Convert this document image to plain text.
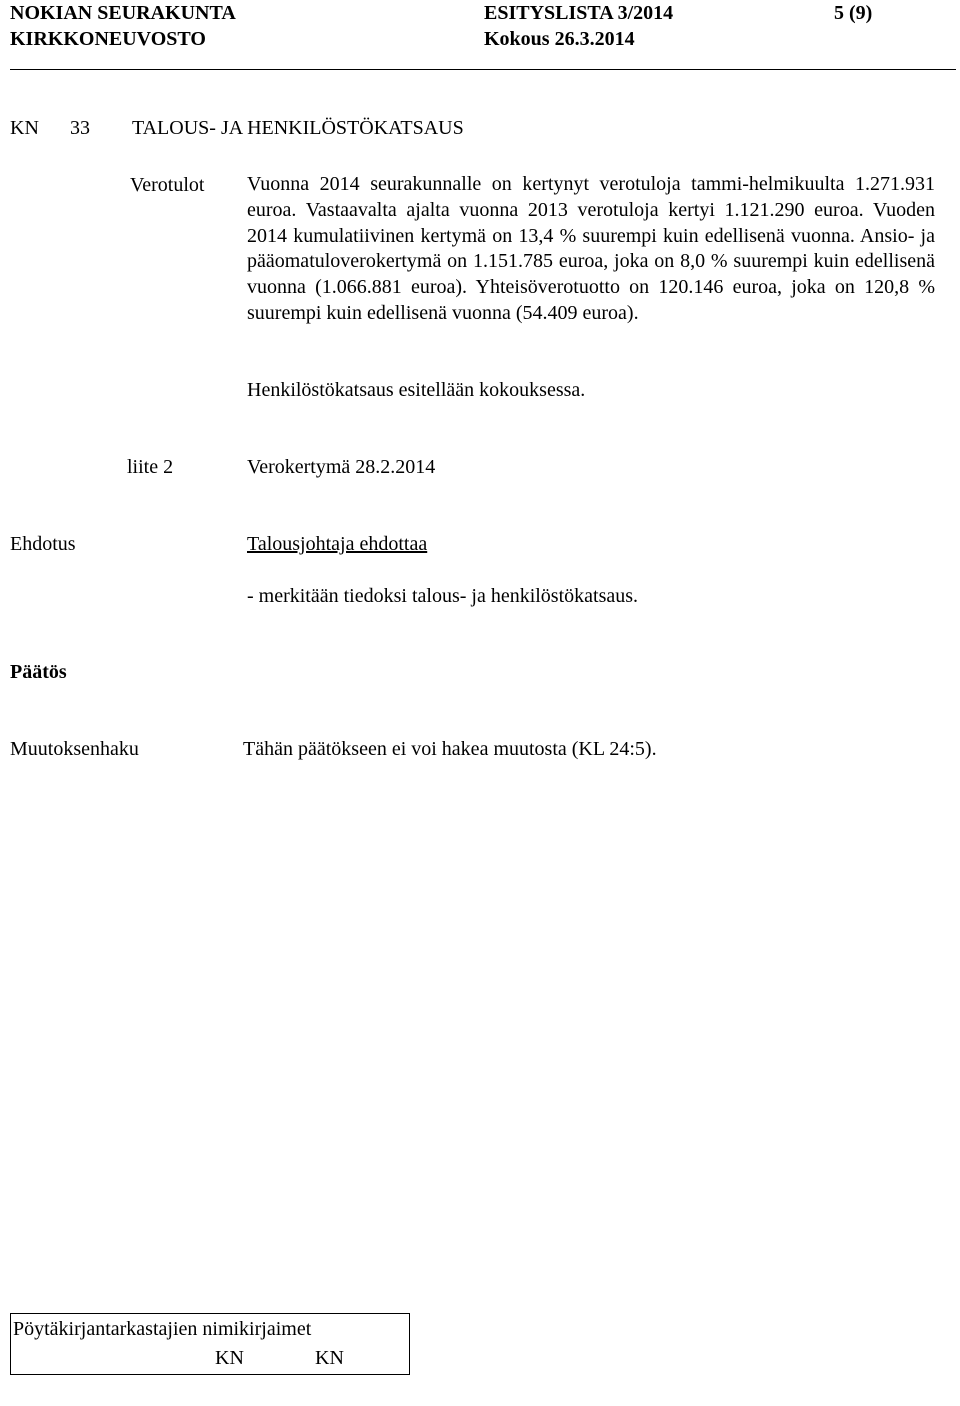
NOKIAN SEURAKUNTA	ESITYSLISTA 3/2014	5 (9)
KIRKKONEUVOSTO	Kokous 26.3.2014
KN 33 TALOUS- JA HENKILÖSTÖKATSAUS
Verotulot Vuonna 2014 seurakunnalle on kertynyt verotuloja tammi-helmikuulta 1.271.931 euroa. Vastaavalta ajalta vuonna 2013 verotuloja kertyi 1.121.290 euroa. Vuoden 2014 kumulatiivinen kertymä on 13,4 % suurempi kuin edellisenä vuonna. Ansio- ja pääomatuloverokertymä on 1.151.785 euroa, joka on 8,0 % suurempi kuin edellisenä vuonna (1.066.881 euroa). Yhteisöverotuotto on 120.146 euroa, joka on 120,8 % suurempi kuin edellisenä vuonna (54.409 euroa).
Henkilöstökatsaus esitellään kokouksessa.
liite 2	Verokertymä 28.2.2014
Ehdotus	Talousjohtaja ehdottaa
- merkitään tiedoksi talous- ja henkilöstökatsaus.
Päätös
Muutoksenhaku	Tähän päätökseen ei voi hakea muutosta (KL 24:5).
Pöytäkirjantarkastajien nimikirjaimet
KN	KN
